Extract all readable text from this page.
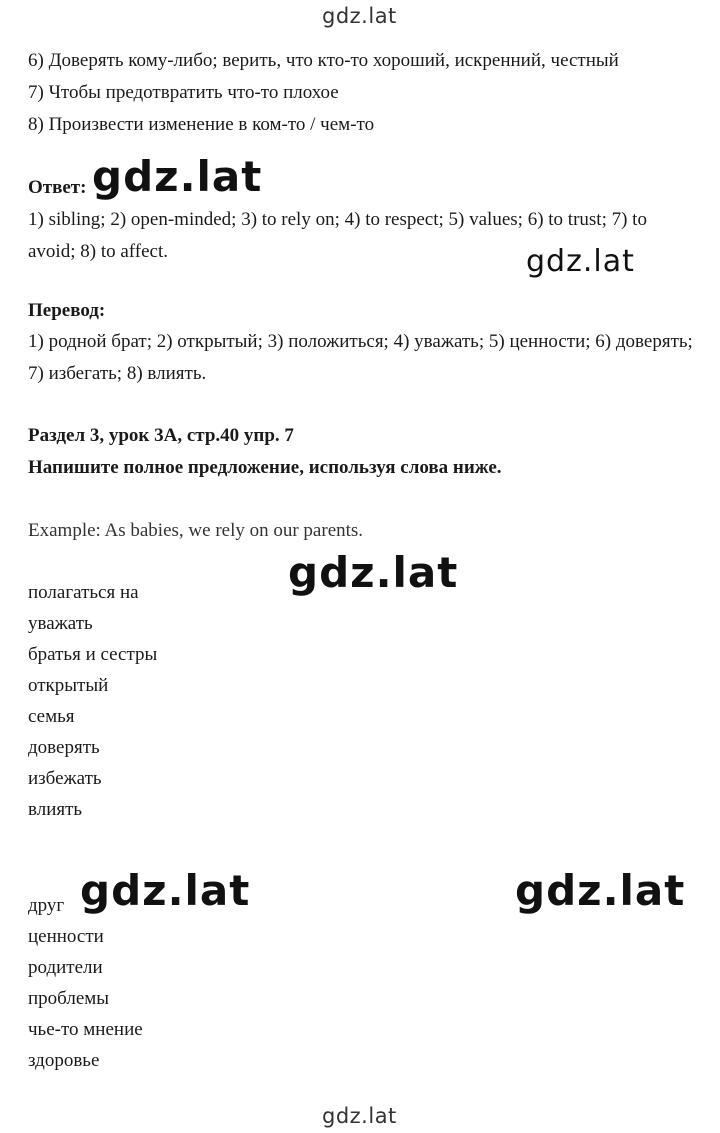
gdz.lat
6) Доверять кому-либо; верить, что кто-то хороший, искренний, честный
7) Чтобы предотвратить что-то плохое
8) Произвести изменение в ком-то / чем-то
Ответ: gdz.lat
1) sibling; 2) open-minded; 3) to rely on; 4) to respect; 5) values; 6) to trust; 7) to avoid; 8) to affect.	gdz.lat
Перевод:
1) родной брат; 2) открытый; 3) положиться; 4) уважать; 5) ценности; 6) доверять; 7) избегать; 8) влиять.
Раздел 3, урок 3А, стр.40 упр. 7
Напишите полное предложение, используя слова ниже.
Example: As babies, we rely on our parents.
gdz.lat
полагаться на
уважать
братья и сестры
открытый
семья
доверять
избежать
влиять
gdz.lat	gdz.lat
друг
ценности
родители
проблемы
чье-то мнение
здоровье
gdz.lat
